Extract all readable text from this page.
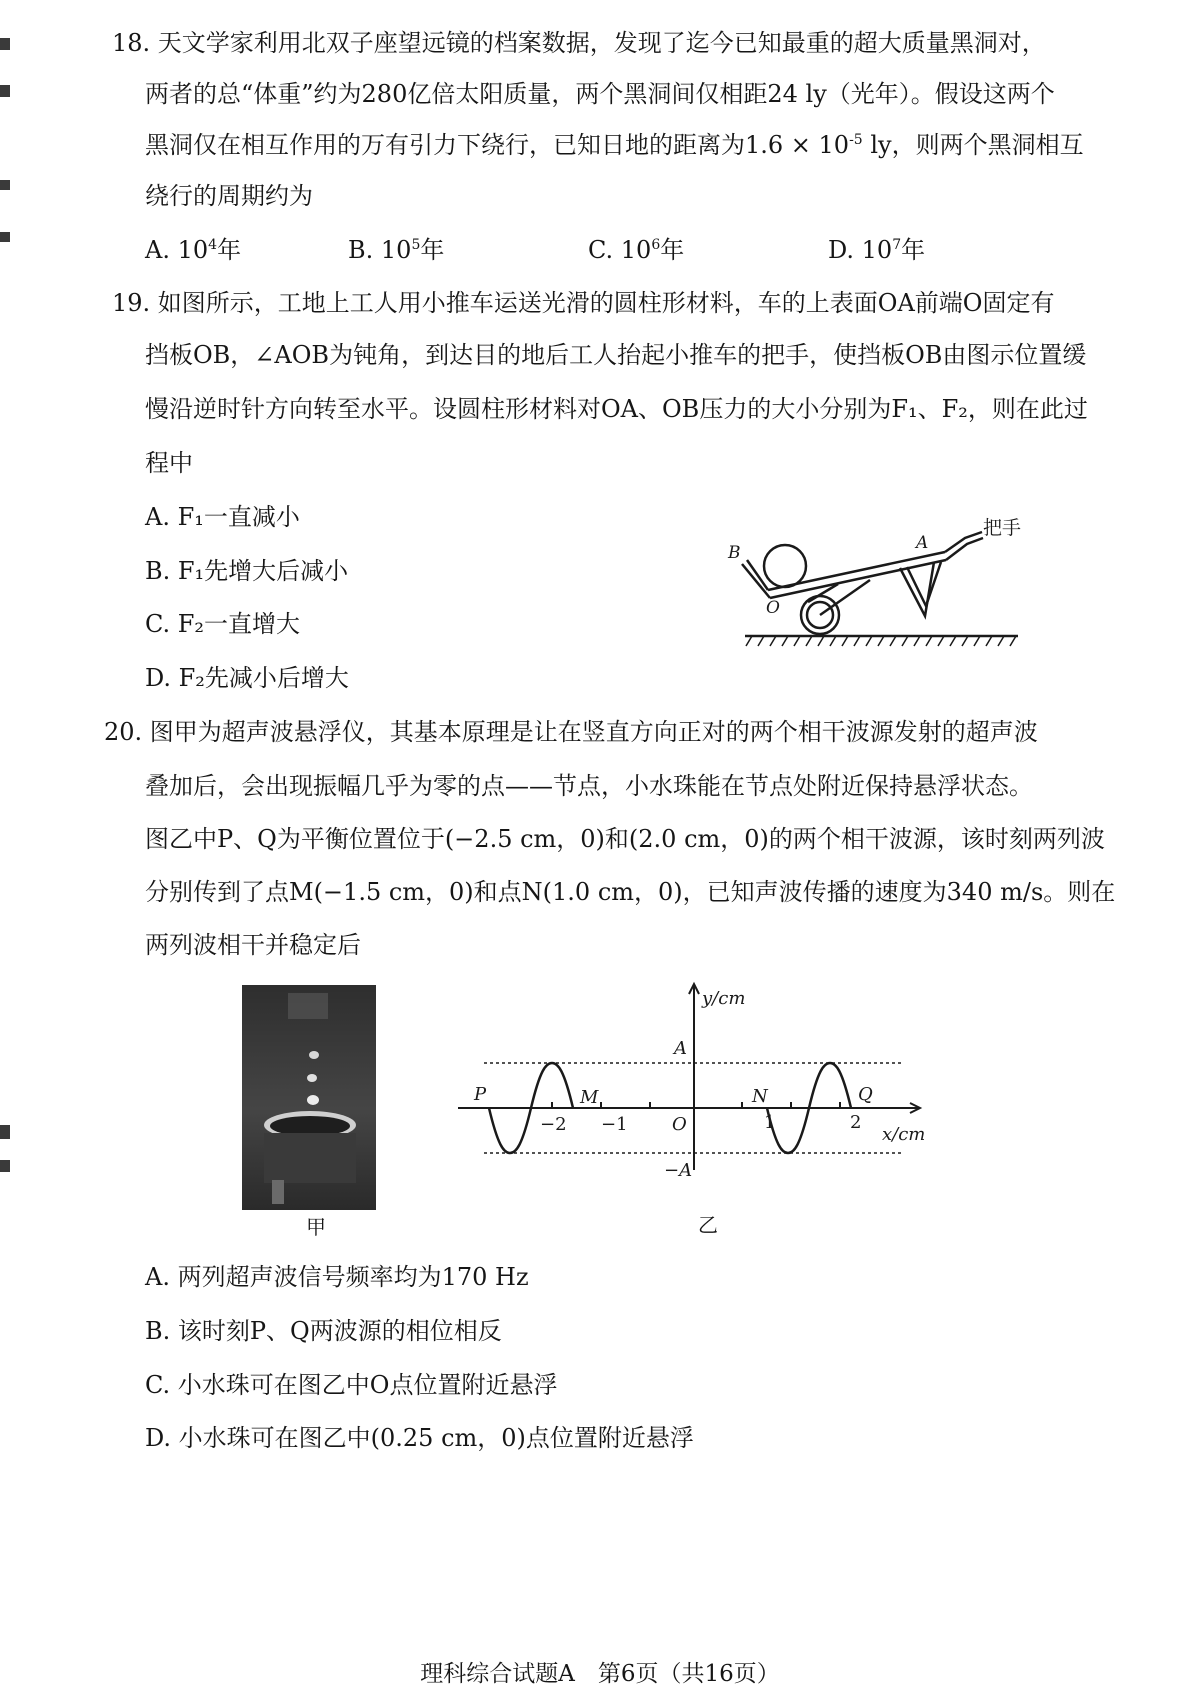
18. 天文学家利用北双子座望远镜的档案数据，发现了迄今已知最重的超大质量黑洞对，
两者的总“体重”约为280亿倍太阳质量，两个黑洞间仅相距24 ly（光年）。假设这两个
黑洞仅在相互作用的万有引力下绕行，已知日地的距离为$1.6 \times 10^{-5}$ ly，则两个黑洞相互
绕行的周期约为
A. $10^4$年	B. $10^5$年	C. $10^6$年	D. $10^7$年
19. 如图所示，工地上工人用小推车运送光滑的圆柱形材料，车的上表面OA前端O固定有
挡板OB，∠AOB为钝角，到达目的地后工人抬起小推车的把手，使挡板OB由图示位置缓
慢沿逆时针方向转至水平。设圆柱形材料对OA、OB压力的大小分别为F₁、F₂，则在此过
程中
A. F₁一直减小
B. F₁先增大后减小
C. F₂一直增大
D. F₂先减小后增大
B
O
A
把手
20. 图甲为超声波悬浮仪，其基本原理是让在竖直方向正对的两个相干波源发射的超声波
叠加后，会出现振幅几乎为零的点——节点，小水珠能在节点处附近保持悬浮状态。
图乙中P、Q为平衡位置位于(−2.5 cm，0)和(2.0 cm，0)的两个相干波源，该时刻两列波
分别传到了点M(−1.5 cm，0)和点N(1.0 cm，0)，已知声波传播的速度为340 m/s。则在
两列波相干并稳定后
甲
y/cm
x/cm
A
−A
P	M	N	Q
O
−2 −1	1	2
乙
A. 两列超声波信号频率均为170 Hz
B. 该时刻P、Q两波源的相位相反
C. 小水珠可在图乙中O点位置附近悬浮
D. 小水珠可在图乙中(0.25 cm，0)点位置附近悬浮
理科综合试题A　第6页（共16页）
